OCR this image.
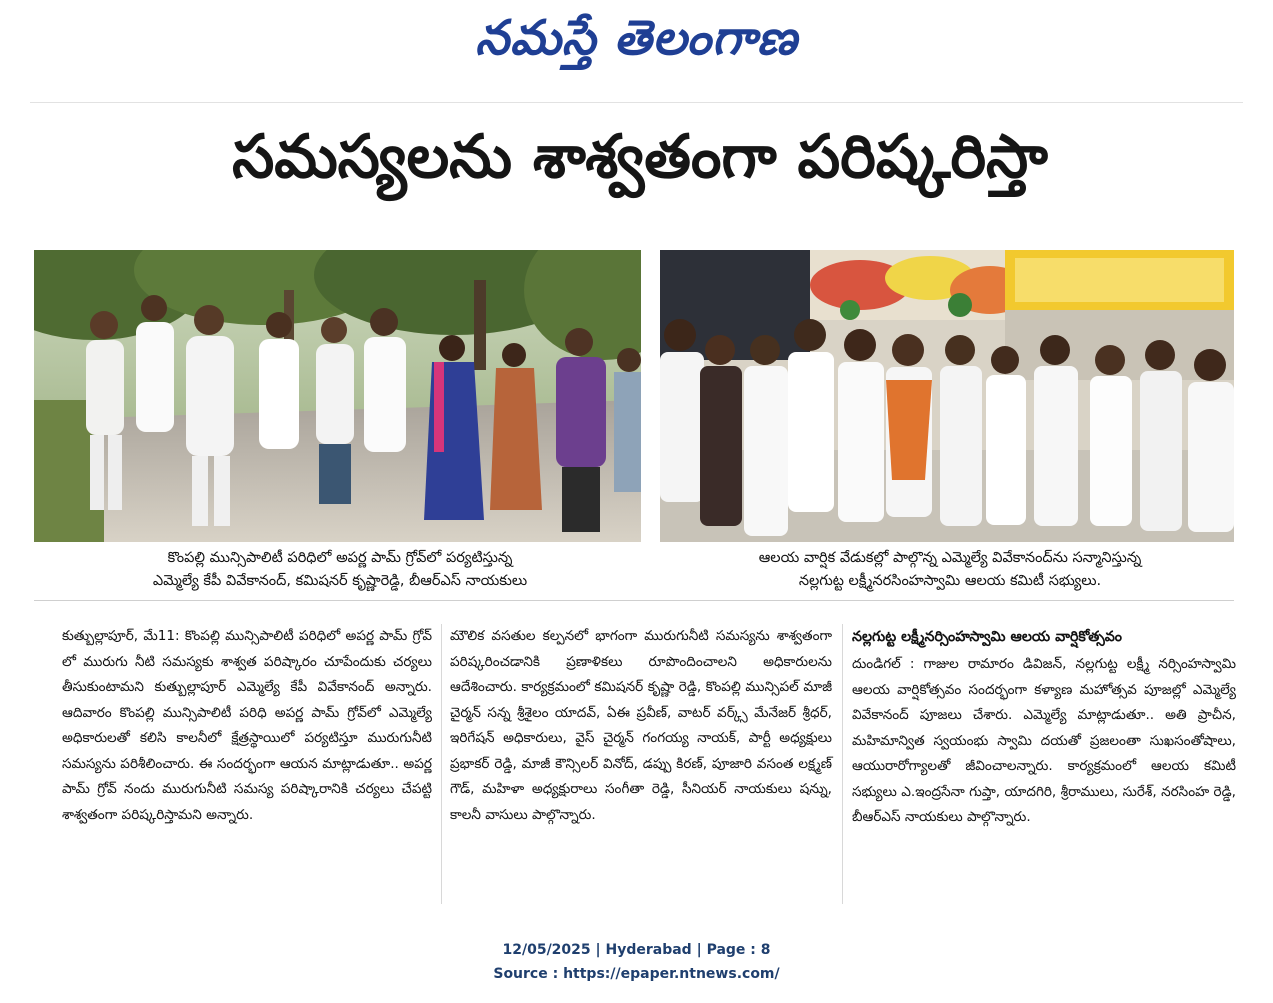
నమస్తే తెలంగాణ
సమస్యలను శాశ్వతంగా పరిష్కరిస్తా
కొంపల్లి మున్సిపాలిటీ పరిధిలో అపర్ణ పామ్ గ్రోవ్‌లో పర్యటిస్తున్న
ఎమ్మెల్యే కేపీ వివేకానంద్, కమిషనర్ కృష్ణారెడ్డి, బీఆర్‌ఎస్ నాయకులు
ఆలయ వార్షిక వేడుకల్లో పాల్గొన్న ఎమ్మెల్యే వివేకానంద్‌ను సన్మానిస్తున్న
నల్లగుట్ట లక్ష్మీనరసింహస్వామి ఆలయ కమిటీ సభ్యులు.

కుత్బుల్లాపూర్, మే11: కొంపల్లి మున్సిపాలిటీ పరిధిలో అపర్ణ పామ్ గ్రోవ్ లో మురుగు నీటి సమస్యకు శాశ్వత పరిష్కారం చూపేందుకు చర్యలు తీసుకుంటామని కుత్బుల్లాపూర్ ఎమ్మెల్యే కేపీ వివేకానంద్ అన్నారు. ఆదివారం కొంపల్లి మున్సిపాలిటీ పరిధి అపర్ణ పామ్ గ్రోవ్‌లో ఎమ్మెల్యే అధికారులతో కలిసి కాలనీలో క్షేత్రస్థాయిలో పర్యటిస్తూ మురుగునీటి సమస్యను పరిశీలించారు. ఈ సందర్భంగా ఆయన మాట్లాడుతూ.. అపర్ణ పామ్ గ్రోవ్ నందు మురుగునీటి సమస్య పరిష్కారానికి చర్యలు చేపట్టి శాశ్వతంగా పరిష్కరిస్తామని అన్నారు.

మౌలిక వసతుల కల్పనలో భాగంగా మురుగునీటి సమస్యను శాశ్వతంగా పరిష్కరించడానికి ప్రణాళికలు రూపొందించాలని అధికారులను ఆదేశించారు. కార్యక్రమంలో కమిషనర్ కృష్ణా రెడ్డి, కొంపల్లి మున్సిపల్ మాజీ చైర్మన్ సన్న శ్రీశైలం యాదవ్, ఏఈ ప్రవీణ్, వాటర్ వర్క్స్ మేనేజర్ శ్రీధర్, ఇరిగేషన్ అధికారులు, వైస్ చైర్మన్ గంగయ్య నాయక్, పార్టీ అధ్యక్షులు ప్రభాకర్ రెడ్డి, మాజీ కౌన్సిలర్ వినోద్, డప్పు కిరణ్, పూజారి వసంత లక్ష్మణ్ గౌడ్, మహిళా అధ్యక్షురాలు సంగీతా రెడ్డి, సీనియర్ నాయకులు షన్ను, కాలనీ వాసులు పాల్గొన్నారు.

నల్లగుట్ట లక్ష్మీనర్సింహస్వామి ఆలయ వార్షికోత్సవం

దుండిగల్ : గాజుల రామారం డివిజన్, నల్లగుట్ట లక్ష్మీ నర్సింహస్వామి ఆలయ వార్షికోత్సవం సందర్భంగా కళ్యాణ మహోత్సవ పూజల్లో ఎమ్మెల్యే వివేకానంద్ పూజలు చేశారు. ఎమ్మెల్యే మాట్లాడుతూ.. అతి ప్రాచీన, మహిమాన్విత స్వయంభు స్వామి దయతో ప్రజలంతా సుఖసంతోషాలు, ఆయురారోగ్యాలతో జీవించాలన్నారు. కార్యక్రమంలో ఆలయ కమిటీ సభ్యులు ఎ.ఇంద్రసేనా గుప్తా, యాదగిరి, శ్రీరాములు, సురేశ్, నరసింహ రెడ్డి, బీఆర్‌ఎస్ నాయకులు పాల్గొన్నారు.

12/05/2025 | Hyderabad | Page : 8
Source : https://epaper.ntnews.com/
